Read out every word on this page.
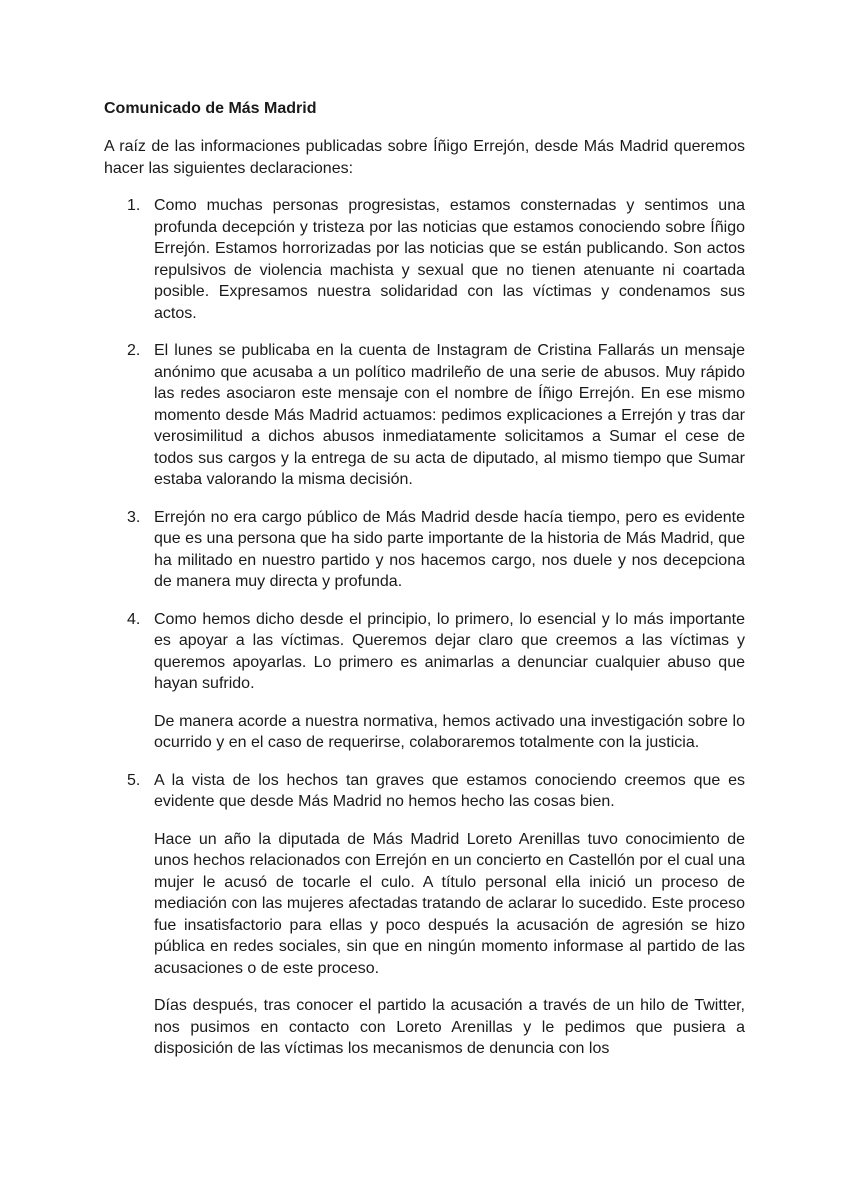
Comunicado de Más Madrid

A raíz de las informaciones publicadas sobre Íñigo Errejón, desde Más Madrid queremos hacer las siguientes declaraciones:

1. Como muchas personas progresistas, estamos consternadas y sentimos una profunda decepción y tristeza por las noticias que estamos conociendo sobre Íñigo Errejón. Estamos horrorizadas por las noticias que se están publicando. Son actos repulsivos de violencia machista y sexual que no tienen atenuante ni coartada posible. Expresamos nuestra solidaridad con las víctimas y condenamos sus actos.

2. El lunes se publicaba en la cuenta de Instagram de Cristina Fallarás un mensaje anónimo que acusaba a un político madrileño de una serie de abusos. Muy rápido las redes asociaron este mensaje con el nombre de Íñigo Errejón. En ese mismo momento desde Más Madrid actuamos: pedimos explicaciones a Errejón y tras dar verosimilitud a dichos abusos inmediatamente solicitamos a Sumar el cese de todos sus cargos y la entrega de su acta de diputado, al mismo tiempo que Sumar estaba valorando la misma decisión.

3. Errejón no era cargo público de Más Madrid desde hacía tiempo, pero es evidente que es una persona que ha sido parte importante de la historia de Más Madrid, que ha militado en nuestro partido y nos hacemos cargo, nos duele y nos decepciona de manera muy directa y profunda.

4. Como hemos dicho desde el principio, lo primero, lo esencial y lo más importante es apoyar a las víctimas. Queremos dejar claro que creemos a las víctimas y queremos apoyarlas. Lo primero es animarlas a denunciar cualquier abuso que hayan sufrido.

De manera acorde a nuestra normativa, hemos activado una investigación sobre lo ocurrido y en el caso de requerirse, colaboraremos totalmente con la justicia.

5. A la vista de los hechos tan graves que estamos conociendo creemos que es evidente que desde Más Madrid no hemos hecho las cosas bien.

Hace un año la diputada de Más Madrid Loreto Arenillas tuvo conocimiento de unos hechos relacionados con Errejón en un concierto en Castellón por el cual una mujer le acusó de tocarle el culo. A título personal ella inició un proceso de mediación con las mujeres afectadas tratando de aclarar lo sucedido. Este proceso fue insatisfactorio para ellas y poco después la acusación de agresión se hizo pública en redes sociales, sin que en ningún momento informase al partido de las acusaciones o de este proceso.

Días después, tras conocer el partido la acusación a través de un hilo de Twitter, nos pusimos en contacto con Loreto Arenillas y le pedimos que pusiera a disposición de las víctimas los mecanismos de denuncia con los
